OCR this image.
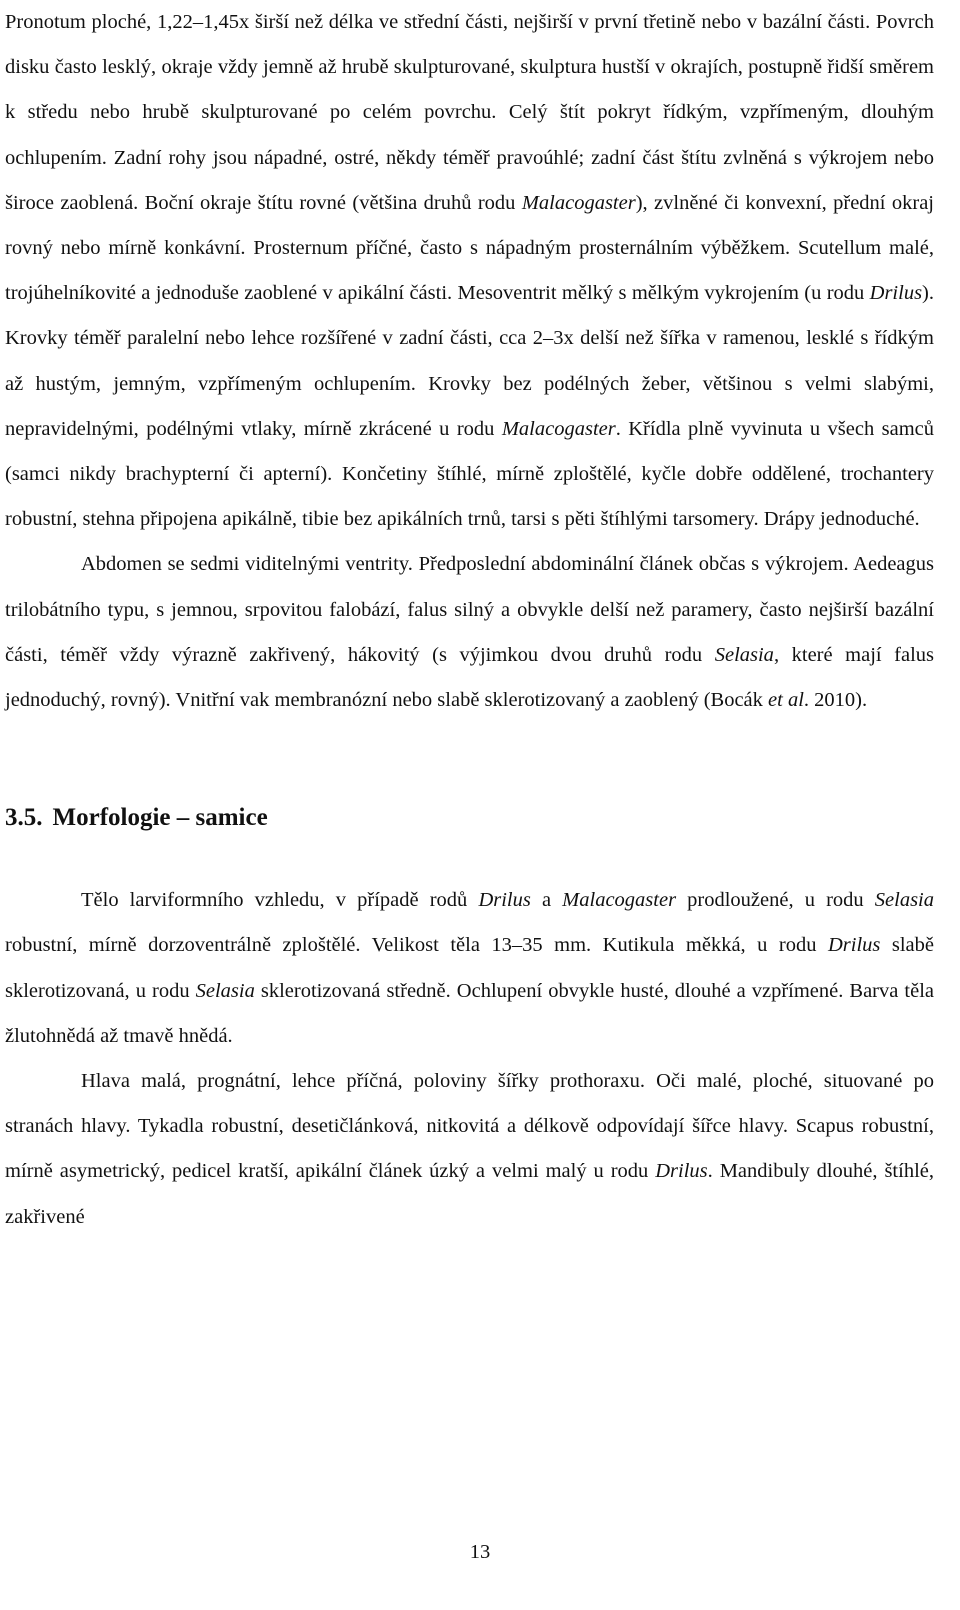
Pronotum ploché, 1,22–1,45x širší než délka ve střední části, nejširší v první třetině nebo v bazální části. Povrch disku často lesklý, okraje vždy jemně až hrubě skulpturované, skulptura hustší v okrajích, postupně řidší směrem k středu nebo hrubě skulpturované po celém povrchu. Celý štít pokryt řídkým, vzpřímeným, dlouhým ochlupením. Zadní rohy jsou nápadné, ostré, někdy téměř pravoúhlé; zadní část štítu zvlněná s výkrojem nebo široce zaoblená. Boční okraje štítu rovné (většina druhů rodu Malacogaster), zvlněné či konvexní, přední okraj rovný nebo mírně konkávní. Prosternum příčné, často s nápadným prosternálním výběžkem. Scutellum malé, trojúhelníkovité a jednoduše zaoblené v apikální části. Mesoventrit mělký s mělkým vykrojením (u rodu Drilus). Krovky téměř paralelní nebo lehce rozšířené v zadní části, cca 2–3x delší než šířka v ramenou, lesklé s řídkým až hustým, jemným, vzpřímeným ochlupením. Krovky bez podélných žeber, většinou s velmi slabými, nepravidelnými, podélnými vtlaky, mírně zkrácené u rodu Malacogaster. Křídla plně vyvinuta u všech samců (samci nikdy brachypterní či apterní). Končetiny štíhlé, mírně zploštělé, kyčle dobře oddělené, trochantery robustní, stehna připojena apikálně, tibie bez apikálních trnů, tarsi s pěti štíhlými tarsomery. Drápy jednoduché.

Abdomen se sedmi viditelnými ventrity. Předposlední abdominální článek občas s výkrojem. Aedeagus trilobátního typu, s jemnou, srpovitou falobází, falus silný a obvykle delší než paramery, často nejširší bazální části, téměř vždy výrazně zakřivený, hákovitý (s výjimkou dvou druhů rodu Selasia, které mají falus jednoduchý, rovný). Vnitřní vak membranózní nebo slabě sklerotizovaný a zaoblený (Bocák et al. 2010).

3.5. Morfologie – samice

Tělo larviformního vzhledu, v případě rodů Drilus a Malacogaster prodloužené, u rodu Selasia robustní, mírně dorzoventrálně zploštělé. Velikost těla 13–35 mm. Kutikula měkká, u rodu Drilus slabě sklerotizovaná, u rodu Selasia sklerotizovaná středně. Ochlupení obvykle husté, dlouhé a vzpřímené. Barva těla žlutohnědá až tmavě hnědá.

Hlava malá, prognátní, lehce příčná, poloviny šířky prothoraxu. Oči malé, ploché, situované po stranách hlavy. Tykadla robustní, desetičlánková, nitkovitá a délkově odpovídají šířce hlavy. Scapus robustní, mírně asymetrický, pedicel kratší, apikální článek úzký a velmi malý u rodu Drilus. Mandibuly dlouhé, štíhlé, zakřivené

13
